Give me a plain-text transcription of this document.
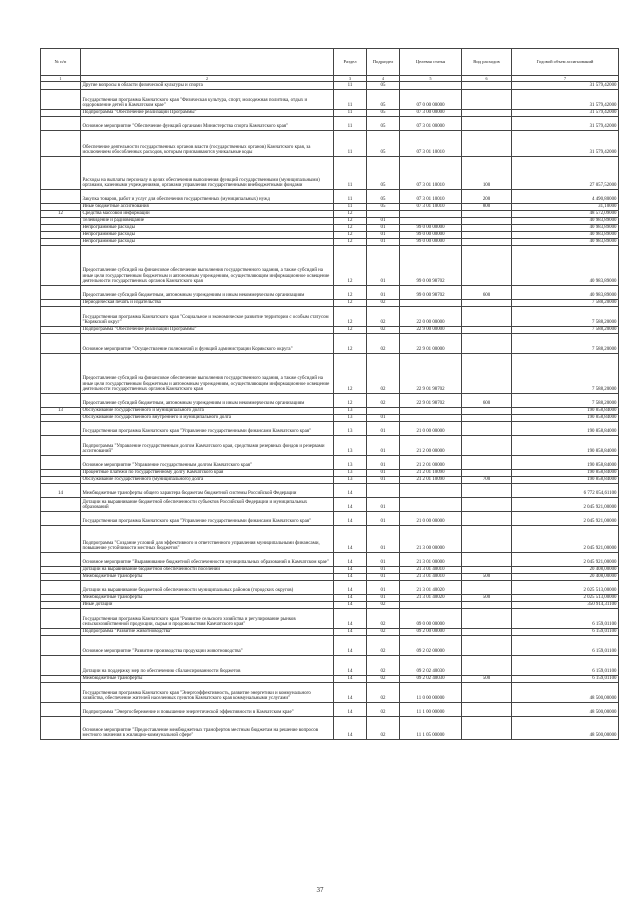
№ п/п		Раздел	Подраздел	Целевая статья	Вид расходов	Годовой объем ассигнований
1	2	3	4	5	6	7
	Другие вопросы в области физической культуры и спорта	11	05			31 579,42000
	Государственная программа Камчатского края "Физическая культура, спорт, молодежная политика, отдых и оздоровление детей в Камчатском крае"	11	05	07 0 00 00000		31 579,42000
	Подпрограмма "Обеспечение реализации Программы"	11	05	07 3 00 00000		31 579,42000
	Основное мероприятие "Обеспечение функций органами Министерства спорта Камчатского края"	11	05	07 3 01 00000		31 579,42000
	Обеспечение деятельности государственных органов власти (государственных органов) Камчатского края, за исключением обособленных расходов, которым присваиваются уникальные коды	11	05	07 3 01 10010		31 579,42000
	Расходы на выплаты персоналу в целях обеспечения выполнения функций государственными (муниципальными) органами, казенными учреждениями, органами управления государственными внебюджетными фондами	11	05	07 3 01 10010	100	27 057,52000
	Закупка товаров, работ и услуг для обеспечения государственных (муниципальных) нужд	11	05	07 3 01 10010	200	4 490,80000
	Иные бюджетные ассигнования	11	05	07 3 01 10010	800	31,10000
12	Средства массовой информации	12				48 572,09000
	Телевидение и радиовещание	12	01			40 983,89000
	Непрограммные расходы	12	01	99 0 00 00000		40 983,89000
	Непрограммные расходы	12	01	99 0 00 00000		40 983,89000
	Непрограммные расходы	12	01	99 0 00 00000		40 983,89000
	Предоставление субсидий на финансовое обеспечение выполнения государственного задания, а также субсидий на иные цели государственным бюджетным и автономным учреждениям, осуществляющим информационное освещение деятельности государственных органов Камчатского края	12	01	99 0 00 98702		40 983,89000
	Предоставление субсидий бюджетным, автономным учреждениям и иным некоммерческим организациям	12	01	99 0 00 98702	600	40 983,89000
	Периодическая печать и издательства	12	02			7 588,20000
	Государственная программа Камчатского края "Социальное и экономическое развитие территории с особым статусом "Корякский округ"	12	02	22 0 00 00000		7 588,20000
	Подпрограмма "Обеспечение реализации Программы"	12	02	22 9 00 00000		7 588,20000
	Основное мероприятие "Осуществление полномочий и функций администрации Корякского округа"	12	02	22 9 01 00000		7 588,20000
	Предоставление субсидий на финансовое обеспечение выполнения государственного задания, а также субсидий на иные цели государственным бюджетным и автономным учреждениям, осуществляющим информационное освещение деятельности государственных органов Камчатского края	12	02	22 9 01 98702		7 588,20000
	Предоставление субсидий бюджетным, автономным учреждениям и иным некоммерческим организациям	12	02	22 9 01 98702	600	7 588,20000
13	Обслуживание государственного и муниципального долга	13				190 858,84000
	Обслуживание государственного внутреннего и муниципального долга	13	01			190 858,84000
	Государственная программа Камчатского края "Управление государственными финансами Камчатского края"	13	01	21 0 00 00000		190 858,84000
	Подпрограмма "Управление государственным долгом Камчатского края, средствами резервных фондов и резервами ассигнований"	13	01	21 2 00 00000		190 858,84000
	Основное мероприятие "Управление государственным долгом Камчатского края"	13	01	21 2 01 00000		190 858,84000
	Процентные платежи по государственному долгу Камчатского края	13	01	21 2 01 10090		190 858,84000
	Обслуживание государственного (муниципального) долга	13	01	21 2 01 10090	700	190 858,84000
14	Межбюджетные трансферты общего характера бюджетам бюджетной системы Российской Федерации	14				6 772 054,61100
	Дотации на выравнивание бюджетной обеспеченности субъектов Российской Федерации и муниципальных образований	14	01			2 045 921,00000
	Государственная программа Камчатского края "Управление государственными финансами Камчатского края"	14	01	21 0 00 00000		2 045 921,00000
	Подпрограмма "Создание условий для эффективного и ответственного управления муниципальными финансами, повышение устойчивости местных бюджетов"	14	01	21 3 00 00000		2 045 921,00000
	Основное мероприятие "Выравнивание бюджетной обеспеченности муниципальных образований в Камчатском крае"	14	01	21 3 01 00000		2 045 921,00000
	Дотации на выравнивание бюджетной обеспеченности поселений	14	01	21 3 01 40010		20 408,00000
	Межбюджетные трансферты	14	01	21 3 01 40010	500	20 408,00000
	Дотации на выравнивание бюджетной обеспеченности муниципальных районов (городских округов)	14	01	21 3 01 40020		2 025 513,00000
	Межбюджетные трансферты	14	01	21 3 01 40020	500	2 025 513,00000
	Иные дотации	14	02			350 914,31100
	Государственная программа Камчатского края "Развитие сельского хозяйства и регулирование рынков сельскохозяйственной продукции, сырья и продовольствия Камчатского края"	14	02	09 0 00 00000		6 159,01100
	Подпрограмма "Развитие животноводства"	14	02	09 2 00 00000		6 159,01100
	Основное мероприятие "Развитие производства продукции животноводства"	14	02	09 2 02 00000		6 159,01100
	Дотации на поддержку мер по обеспечению сбалансированности бюджетов	14	02	09 2 02 40030		6 159,01100
	Межбюджетные трансферты	14	02	09 2 02 40030	500	6 159,01100
	Государственная программа Камчатского края "Энергоэффективность, развитие энергетики и коммунального хозяйства, обеспечение жителей населенных пунктов Камчатского края коммунальными услугами"	14	02	11 0 00 00000		48 500,00000
	Подпрограмма "Энергосбережение и повышение энергетической эффективности в Камчатском крае"	14	02	11 1 00 00000		48 500,00000
	Основное мероприятие "Предоставление межбюджетных трансфертов местным бюджетам на решение вопросов местного значения в жилищно-коммунальной сфере"	14	02	11 1 05 00000		48 500,00000
37
